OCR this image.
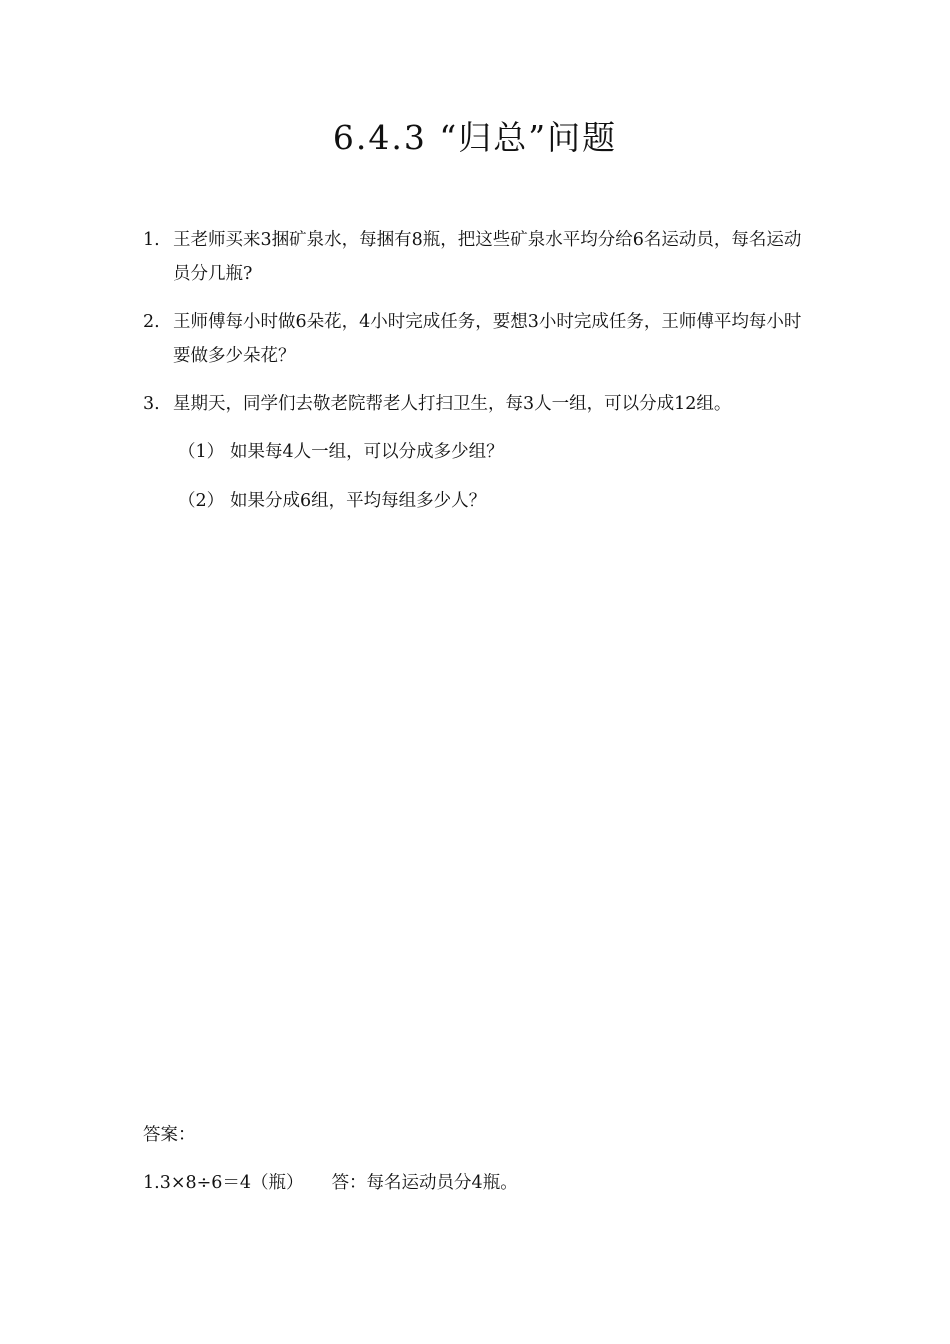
6.4.3 “归总”问题
1. 王老师买来3捆矿泉水，每捆有8瓶，把这些矿泉水平均分给6名运动员，每名运动员分几瓶?
2. 王师傅每小时做6朵花，4小时完成任务，要想3小时完成任务，王师傅平均每小时要做多少朵花？
3. 星期天，同学们去敬老院帮老人打扫卫生，每3人一组，可以分成12组。
（1） 如果每4人一组，可以分成多少组？
（2） 如果分成6组，平均每组多少人？
答案：
1.3×8÷6＝4（瓶） 答：每名运动员分4瓶。
